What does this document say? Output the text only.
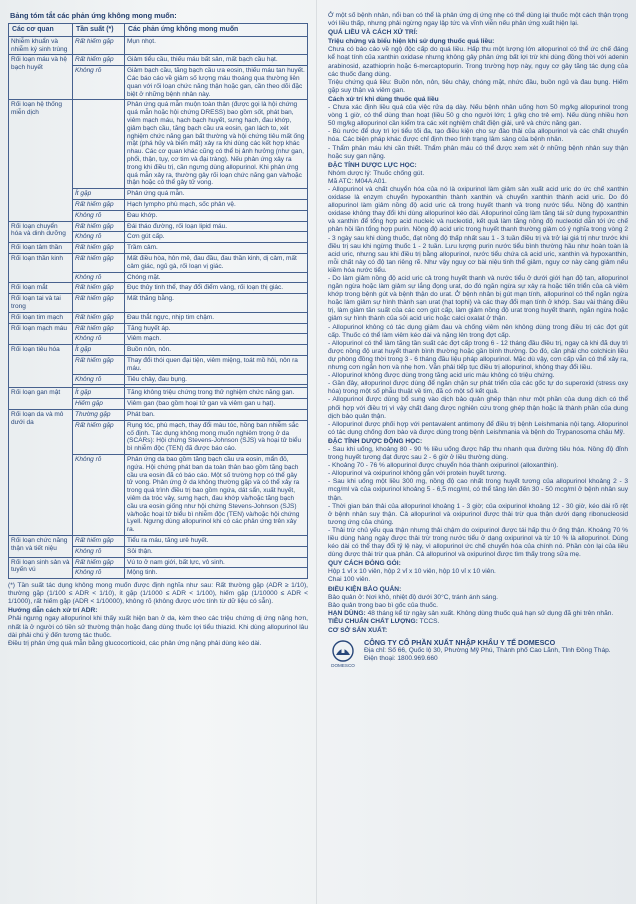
Bảng tóm tắt các phản ứng không mong muốn:
Các cơ quan	Tần suất (*)	Các phản ứng không mong muốn
Nhiễm khuẩn và nhiễm ký sinh trùng	Rất hiếm gặp	Mụn nhọt.
Rối loạn máu và hệ bạch huyết	Rất hiếm gặp	Giảm tiểu cầu, thiếu máu bất sản, mất bạch cầu hạt.
	Không rõ	Giảm bạch cầu, tăng bạch cầu ưa eosin, thiếu máu tan huyết. Các báo cáo về giảm số lượng máu thoáng qua thường liên quan với rối loạn chức năng thận hoặc gan, cần theo dõi đặc biệt ở những bệnh nhân này.
Rối loạn hệ thống miễn dịch		Phản ứng quá mẫn muộn toàn thân (được gọi là hội chứng quá mẫn hoặc hội chứng DRESS) bao gồm sốt, phát ban, viêm mạch máu, hạch bạch huyết, sưng hạch, đau khớp, giảm bạch cầu, tăng bạch cầu ưa eosin, gan lách to, xét nghiệm chức năng gan bất thường và hội chứng tiêu mất ống mật (phá hủy và biến mất) xảy ra khi dùng các kết hợp khác nhau. Các cơ quan khác cũng có thể bị ảnh hưởng (như gan, phổi, thận, tụy, cơ tim và đại tràng). Nếu phản ứng xảy ra trong khi điều trị, cần ngưng dùng allopurinol. Khi phản ứng quá mẫn xảy ra, thường gây rối loạn chức năng gan và/hoặc thận hoặc có thể gây tử vong.
	Ít gặp	Phản ứng quá mẫn.
	Rất hiếm gặp	Hạch lympho phù mạch, sốc phản vệ.
	Không rõ	Đau khớp.
Rối loạn chuyển hóa và dinh dưỡng	Rất hiếm gặp	Đái tháo đường, rối loạn lipid máu.
	Không rõ	Cơn gút cấp.
Rối loạn tâm thần	Rất hiếm gặp	Trầm cảm.
Rối loạn thần kinh	Rất hiếm gặp	Mất điều hòa, hôn mê, đau đầu, đau thần kinh, dị cảm, mất cảm giác, ngủ gà, rối loạn vị giác.
	Không rõ	Chóng mặt.
Rối loạn mắt	Rất hiếm gặp	Đục thủy tinh thể, thay đổi điểm vàng, rối loạn thị giác.
Rối loạn tai và tai trong	Rất hiếm gặp	Mất thăng bằng.
Rối loạn tim mạch	Rất hiếm gặp	Đau thắt ngực, nhịp tim chậm.
Rối loạn mạch máu	Rất hiếm gặp	Tăng huyết áp.
	Không rõ	Viêm mạch.
Rối loạn tiêu hóa	Ít gặp	Buồn nôn, nôn.
	Rất hiếm gặp	Thay đổi thói quen đại tiện, viêm miệng, toát mồ hôi, nôn ra máu.
	Không rõ	Tiêu chảy, đau bụng.

Rối loạn gan mật	Ít gặp	Tăng không triệu chứng trong thử nghiệm chức năng gan.
	Hiếm gặp	Viêm gan (bao gồm hoại tử gan và viêm gan u hạt).
Rối loạn da và mô dưới da	Thường gặp	Phát ban.
	Rất hiếm gặp	Rụng tóc, phù mạch, thay đổi màu tóc, hồng ban nhiễm sắc cố định. Tác dụng không mong muốn nghiêm trọng ở da (SCARs): Hội chứng Stevens-Johnson (SJS) và hoại tử biểu bì nhiễm độc (TEN) đã được báo cáo.
	Không rõ	Phản ứng da bao gồm tăng bạch cầu ưa eosin, mẩn đỏ, ngứa. Hội chứng phát ban da toàn thân bao gồm tăng bạch cầu ưa eosin đã có báo cáo. Một số trường hợp có thể gây tử vong. Phản ứng ở da không thường gặp và có thể xảy ra trong quá trình điều trị bao gồm ngứa, dát sẩn, xuất huyết, viêm da tróc vảy, sưng hạch, đau khớp và/hoặc tăng bạch cầu ưa eosin giống như hội chứng Stevens-Johnson (SJS) và/hoặc hoại tử biểu bì nhiễm độc (TEN) và/hoặc hội chứng Lyell. Ngưng dùng allopurinol khi có các phản ứng trên xảy ra.
Rối loạn chức năng thận và tiết niệu	Rất hiếm gặp	Tiểu ra máu, tăng urê huyết.
	Không rõ	Sỏi thận.
Rối loạn sinh sản và tuyến vú	Rất hiếm gặp	Vú to ở nam giới, bất lực, vô sinh.
	Không rõ	Mộng tinh.

(*) Tần suất tác dụng không mong muốn được định nghĩa như sau: Rất thường gặp (ADR ≥ 1/10), thường gặp (1/100 ≤ ADR < 1/10), ít gặp (1/1000 ≤ ADR < 1/100), hiếm gặp (1/10000 ≤ ADR < 1/1000), rất hiếm gặp (ADR < 1/10000), không rõ (không được ước tính từ dữ liệu có sẵn).

Hướng dẫn cách xử trí ADR:

Phải ngưng ngay allopurinol khi thấy xuất hiện ban ở da, kèm theo các triệu chứng dị ứng nặng hơn, nhất là ở người có tiền sử thường thận hoặc đang dùng thuốc lợi tiểu thiazid. Khi dùng allopurinol lâu dài phải chú ý đến tương tác thuốc.

Điều trị phản ứng quá mẫn bằng glucocorticoid, các phản ứng nặng phải dùng kéo dài.

Ở một số bệnh nhân, nổi ban có thể là phản ứng dị ứng nhẹ có thể dùng lại thuốc một cách thận trọng với liều thấp, nhưng phải ngừng ngay lập tức và vĩnh viễn nếu phản ứng xuất hiện lại.

QUÁ LIỀU VÀ CÁCH XỬ TRÍ:
Triệu chứng và biểu hiện khi sử dụng thuốc quá liều:

Chưa có báo cáo về ngộ độc cấp do quá liều. Hấp thu một lượng lớn allopurinol có thể ức chế đáng kể hoạt tính của xanthin oxidase nhưng không gây phản ứng bất lợi trừ khi dùng đồng thời với adenin arabinosid, azathioprin hoặc 6-mercaptopurin. Trong trường hợp này, nguy cơ gây tăng tác dụng của các thuốc đang dùng.

Triệu chứng quá liều: Buồn nôn, nôn, tiêu chảy, chóng mặt, nhức đầu, buồn ngủ và đau bụng. Hiếm gặp suy thận và viêm gan.

Cách xử trí khi dùng thuốc quá liều

- Chưa xác định liều quá của việc rửa dạ dày. Nếu bệnh nhân uống hơn 50 mg/kg allopurinol trong vòng 1 giờ, có thể dùng than hoạt (liều 50 g cho người lớn; 1 g/kg cho trẻ em). Nếu dùng nhiều hơn 50 mg/kg allopurinol cần kiểm tra các xét nghiệm chất điện giải, urê và chức năng gan.

- Bù nước để duy trì lợi tiểu tối đa, tạo điều kiện cho sự đào thải của allopurinol và các chất chuyển hóa. Các biện pháp khác được chỉ định theo tình trạng lâm sàng của bệnh nhân.

- Thẩm phân máu khi cần thiết. Thẩm phân máu có thể được xem xét ở những bệnh nhân suy thận hoặc suy gan nặng.

ĐẶC TÍNH DƯỢC LỰC HỌC:

Nhóm dược lý: Thuốc chống gút.

Mã ATC: M04A A01.

- Allopurinol và chất chuyển hóa của nó là oxipurinol làm giảm sản xuất acid uric do ức chế xanthin oxidase là enzym chuyển hypoxanthin thành xanthin và chuyển xanthin thành acid uric. Do đó allopurinol làm giảm nồng độ acid uric cả trong huyết thanh và trong nước tiểu. Nồng độ xanthin oxidase không thay đổi khi dùng allopurinol kéo dài. Allopurinol cũng làm tăng tái sử dụng hypoxanthin và xanthin để tổng hợp acid nucleic và nucleotid, kết quả làm tăng nồng độ nucleotid dẫn tới ức chế phản hồi lần tổng hợp purin. Nồng độ acid uric trong huyết thanh thường giảm có ý nghĩa trong vòng 2 - 3 ngày sau khi dùng thuốc, đạt nồng độ thấp nhất sau 1 - 3 tuần điều trị và trở lại giá trị như trước khi điều trị sau khi ngừng thuốc 1 - 2 tuần. Lưu lượng purin nước tiểu bình thường hầu như hoàn toàn là acid uric, nhưng sau khi điều trị bằng allopurinol, nước tiểu chứa cả acid uric, xanthin và hypoxanthin, mỗi chất này có độ tan riêng rẽ. Như vậy nguy cơ bài niệu tinh thể giảm, nguy cơ này càng giảm nếu kiềm hóa nước tiểu.

- Do làm giảm nồng độ acid uric cả trong huyết thanh và nước tiểu ở dưới giới hạn độ tan, allopurinol ngăn ngừa hoặc làm giảm sự lắng đọng urat, do đó ngăn ngừa sự xảy ra hoặc tiến triển của cả viêm khớp trong bệnh gút và bệnh thận do urat. Ở bệnh nhân bị gút mạn tính, allopurinol có thể ngăn ngừa hoặc làm giảm sự hình thành sạn urat (hạt tophi) và các thay đổi mạn tính ở khớp. Sau vài tháng điều trị, làm giảm tần suất của các cơn gút cấp, làm giảm nồng độ urat trong huyết thanh, ngăn ngừa hoặc giảm sự hình thành của sỏi acid uric hoặc calci oxalat ở thận.

- Allopurinol không có tác dụng giảm đau và chống viêm nên không dùng trong điều trị các đợt gút cấp. Thuốc có thể làm viêm kéo dài và nặng lên trong đợt cấp.

- Allopurinol có thể làm tăng tần suất các đợt cấp trong 6 - 12 tháng đầu điều trị, ngay cả khi đã duy trì được nồng độ urat huyết thanh bình thường hoặc gần bình thường. Do đó, cần phải cho colchicin liều dự phòng đồng thời trong 3 - 6 tháng đầu liệu pháp allopurinol. Mặc dù vậy, cơn cấp vẫn có thể xảy ra, nhưng cơn ngắn hơn và nhẹ hơn. Vẫn phải tiếp tục điều trị allopurinol, không thay đổi liều.

- Allopurinol không được dùng trong tăng acid uric máu không có triệu chứng.

- Gần đây, allopurinol được dùng để ngăn chặn sự phát triển của các gốc tự do superoxid (stress oxy hóa) trong một số phẫu thuật về tim, đã có một số kết quả.

- Allopurinol được dùng bổ sung vào dịch bảo quản ghép thận như một phần của dung dịch có thể phối hợp với điều trị vì vậy chất đang được nghiên cứu trong ghép thận hoặc là thành phần của dung dịch bảo quản thận.

- Allopurinol được phối hợp với pentavalent antimony để điều trị bệnh Leishmania nội tạng. Allopurinol có tác dụng chống đơn bào và được dùng trong bệnh Leishmania và bệnh do Trypanosoma châu Mỹ.

ĐẶC TÍNH DƯỢC ĐỘNG HỌC:

- Sau khi uống, khoảng 80 - 90 % liều uống được hấp thu nhanh qua đường tiêu hóa. Nồng độ đỉnh trong huyết tương đạt được sau 2 - 6 giờ ở liều thường dùng.

- Khoảng 70 - 76 % allopurinol được chuyển hóa thành oxipurinol (alloxanthin).

- Allopurinol và oxipurinol không gắn với protein huyết tương.

- Sau khi uống một liều 300 mg, nồng độ cao nhất trong huyết tương của allopurinol khoảng 2 - 3 mcg/ml và của oxipurinol khoảng 5 - 6,5 mcg/ml, có thể tăng lên đến 30 - 50 mcg/ml ở bệnh nhân suy thận.

- Thời gian bán thải của allopurinol khoảng 1 - 3 giờ; của oxipurinol khoảng 12 - 30 giờ, kéo dài rõ rệt ở bệnh nhân suy thận. Cả allopurinol và oxipurinol được thải trừ qua thận dưới dạng ribonucleosid tương ứng của chúng.

- Thải trừ chủ yếu qua thận nhưng thải chậm do oxipurinol được tái hấp thu ở ống thận. Khoảng 70 % liều dùng hàng ngày được thải trừ trong nước tiểu ở dạng oxipurinol và từ 10 % là allopurinol. Dùng kéo dài có thể thay đổi tỷ lệ này, vì allopurinol ức chế chuyển hóa của chính nó. Phần còn lại của liều dùng được thải trừ qua phân. Cả allopurinol và oxipurinol được tìm thấy trong sữa mẹ.

QUY CÁCH ĐÓNG GÓI:

Hộp 1 vỉ x 10 viên, hộp 2 vỉ x 10 viên, hộp 10 vỉ x 10 viên.

Chai 100 viên.

ĐIỀU KIỆN BẢO QUẢN:

Bảo quản ở: Nơi khô, nhiệt độ dưới 30°C, tránh ánh sáng.

Bảo quản trong bao bì gốc của thuốc.

HẠN DÙNG: 48 tháng kể từ ngày sản xuất. Không dùng thuốc quá hạn sử dụng đã ghi trên nhãn.

TIÊU CHUẨN CHẤT LƯỢNG: TCCS.

CƠ SỞ SẢN XUẤT:
DOMESCO
CÔNG TY CỔ PHẦN XUẤT NHẬP KHẨU Y TẾ DOMESCO
Địa chỉ: Số 66, Quốc lộ 30, Phường Mỹ Phú, Thành phố Cao Lãnh, Tỉnh Đồng Tháp.
Điện thoại: 1800.969.660
